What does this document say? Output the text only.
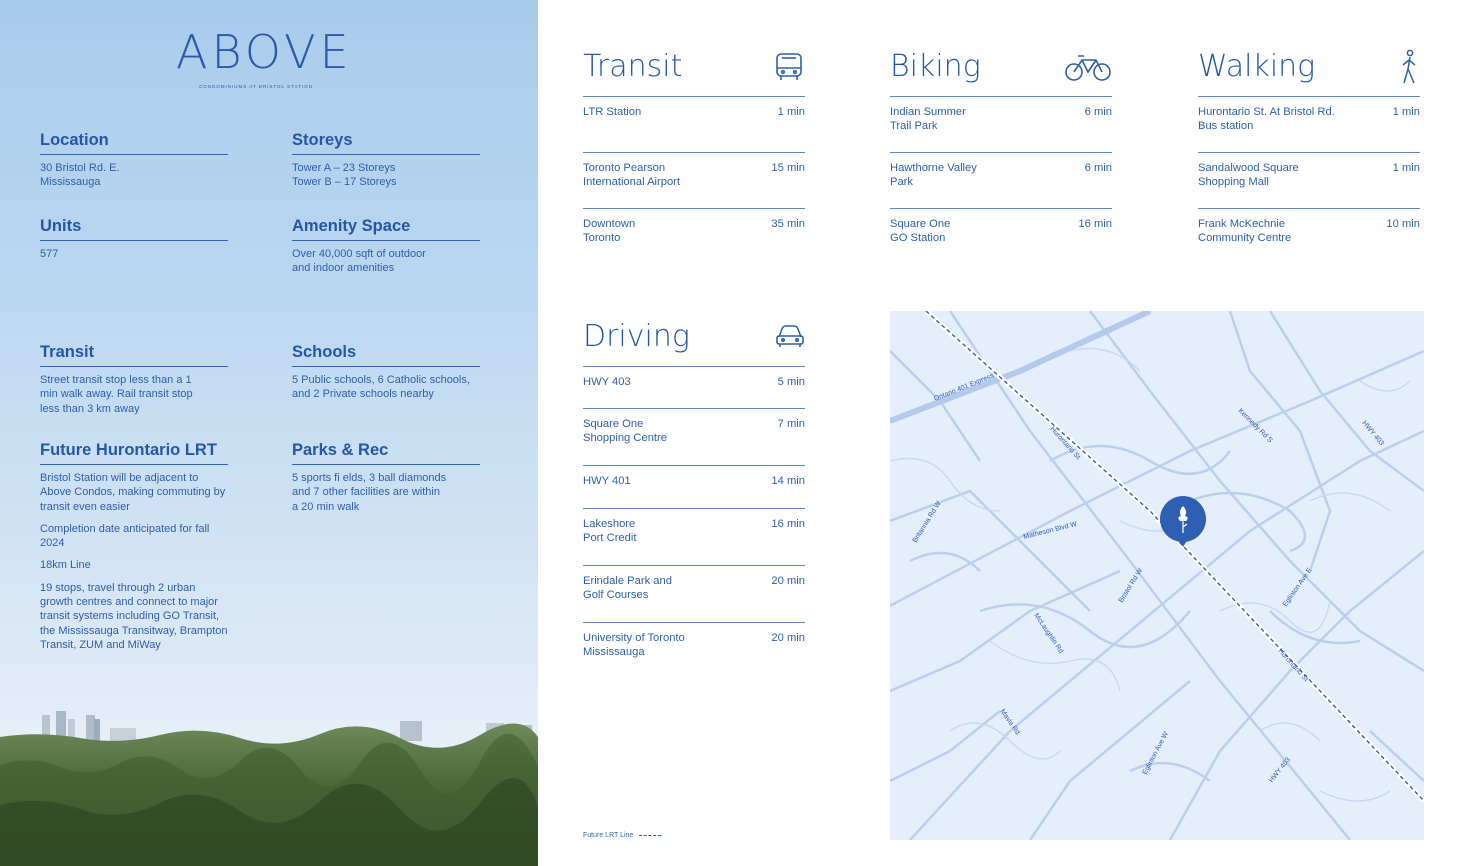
ABOVE
CONDOMINIUMS AT BRISTOL STATION
Location

30 Bristol Rd. E.
Mississauga

Storeys

Tower A – 23 Storeys
Tower B – 17 Storeys

Units

577

Amenity Space

Over 40,000 sqft of outdoor
and indoor amenities

Transit

Street transit stop less than a 1
min walk away. Rail transit stop
less than 3 km away

Schools

5 Public schools, 6 Catholic schools,
and 2 Private schools nearby

Future Hurontario LRT

Bristol Station will be adjacent to Above Condos, making commuting by transit even easier

Completion date anticipated for fall 2024

18km Line

19 stops, travel through 2 urban growth centres and connect to major transit systems including GO Transit, the Mississauga Transitway, Brampton Transit, ZUM and MiWay

Parks & Rec

5 sports fi elds, 3 ball diamonds
and 7 other facilities are within
a 20 min walk

Transit
LTR Station	1 min
Toronto Pearson
International Airport
15 min
Downtown
Toronto
35 min
Biking
Indian Summer
Trail Park
6 min
Hawthorne Valley
Park
6 min
Square One
GO Station
16 min
Walking
Hurontario St. At Bristol Rd.
Bus station
1 min
Sandalwood Square
Shopping Mall
1 min
Frank McKechnie
Community Centre
10 min
Driving
HWY 403	5 min
Square One
Shopping Centre
7 min
HWY 401	14 min
Lakeshore
Port Credit
16 min
Erindale Park and
Golf Courses
20 min
University of Toronto
Mississauga
20 min
Ontario 401 Express
Hurontario St	Kennedy Rd S	HWY 403
Britannia Rd W	Matheson Blvd W
Bristol Rd W	Eglinton Ave E
McLaughlin Rd
Hurontario St
Mavis Rd
Eglinton Ave W	HWY 403
Future LRT Line
